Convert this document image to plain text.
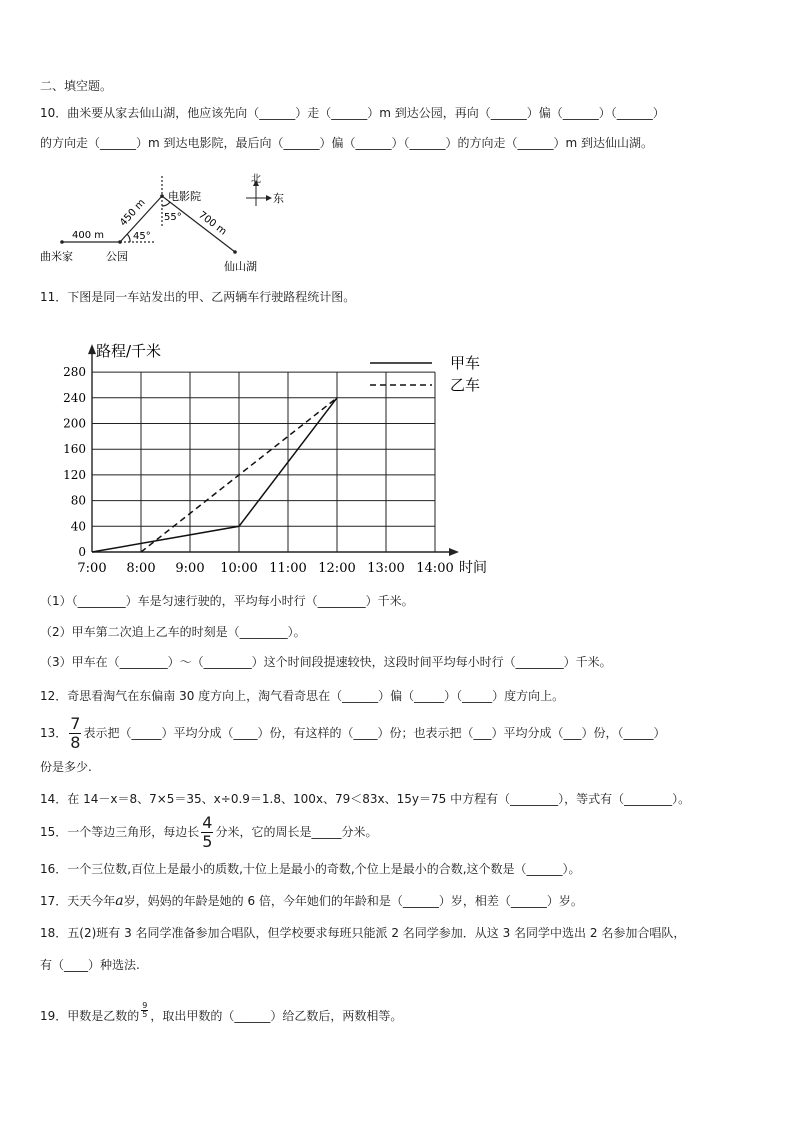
二、填空题。
10．曲米要从家去仙山湖，他应该先向（______）走（______）m 到达公园，再向（______）偏（______）（______）
的方向走（______）m 到达电影院，最后向（______）偏（______）（______）的方向走（______）m 到达仙山湖。
400 m
450 m	700 m
45°
55°
曲米家	公园
电影院
仙山湖
北
东
11．下图是同一车站发出的甲、乙两辆车行驶路程统计图。
0
40
80
120
160
200
240
280
7:00 8:00 9:00 10:00 11:00 12:00 13:00 14:00 时间
路程/千米
甲车
乙车
（1）（________）车是匀速行驶的，平均每小时行（________）千米。
（2）甲车第二次追上乙车的时刻是（________）。
（3）甲车在（________）～（________）这个时间段提速较快，这段时间平均每小时行（________）千米。
12．奇思看淘气在东偏南 30 度方向上，淘气看奇思在（______）偏（_____）（_____）度方向上。
13． $\frac{7}{8}$ 表示把（_____）平均分成（____）份，有这样的（____）份；也表示把（___）平均分成（___）份，（_____）
份是多少.
14．在 14－x＝8、7×5＝35、x÷0.9＝1.8、100x、79＜83x、15y＝75 中方程有（________），等式有（________）。
15．一个等边三角形，每边长 $\frac{4}{5}$ 分米，它的周长是_____分米。
16．一个三位数,百位上是最小的质数,十位上是最小的奇数,个位上是最小的合数,这个数是（______）。
17．天天今年a岁，妈妈的年龄是她的 6 倍，今年她们的年龄和是（______）岁，相差（______）岁。
18．五(2)班有 3 名同学准备参加合唱队，但学校要求每班只能派 2 名同学参加．从这 3 名同学中选出 2 名参加合唱队，
有（____）种选法.
19．甲数是乙数的 $\frac{9}{5}$ ，取出甲数的（______）给乙数后，两数相等。
